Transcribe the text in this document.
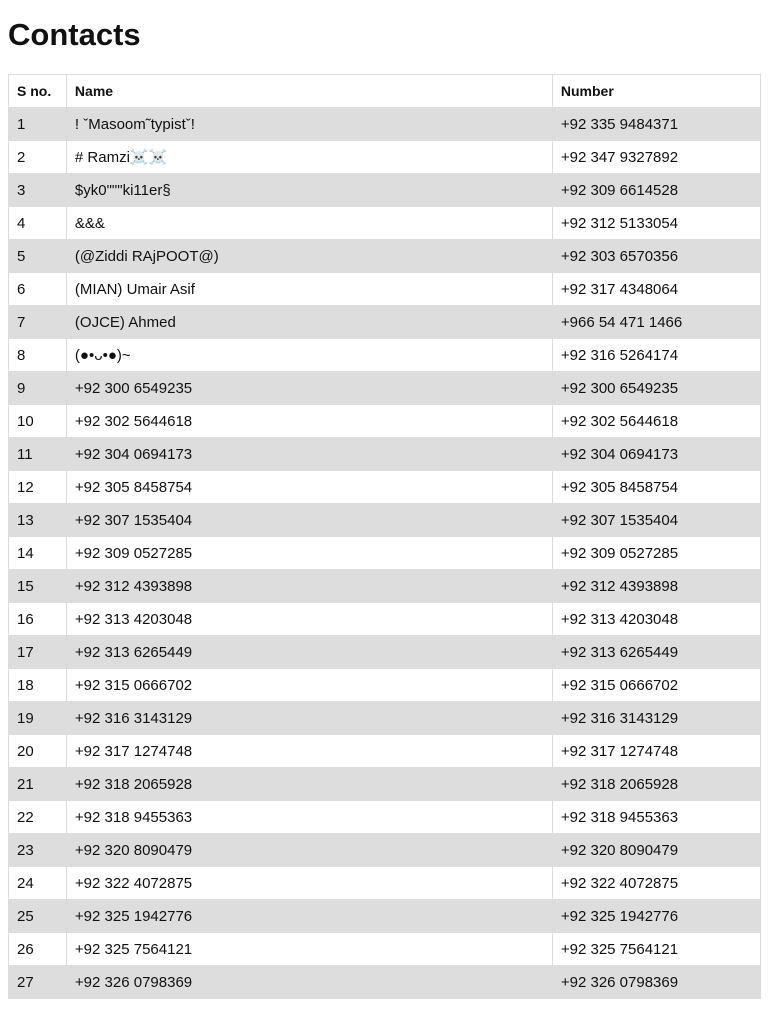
Contacts
S no.	Name	Number
1	! ˇMasoom˜typistˇ!	+92 335 9484371
2	# Ramzi☠️☠️	+92 347 9327892
3	$yk0"""ki11er§	+92 309 6614528
4	&&&	+92 312 5133054
5	(@Ziddi RAjPOOT@)	+92 303 6570356
6	(MIAN) Umair Asif	+92 317 4348064
7	(OJCE) Ahmed	+966 54 471 1466
8	(●•ᴗ•●)~	+92 316 5264174
9	+92 300 6549235	+92 300 6549235
10	+92 302 5644618	+92 302 5644618
11	+92 304 0694173	+92 304 0694173
12	+92 305 8458754	+92 305 8458754
13	+92 307 1535404	+92 307 1535404
14	+92 309 0527285	+92 309 0527285
15	+92 312 4393898	+92 312 4393898
16	+92 313 4203048	+92 313 4203048
17	+92 313 6265449	+92 313 6265449
18	+92 315 0666702	+92 315 0666702
19	+92 316 3143129	+92 316 3143129
20	+92 317 1274748	+92 317 1274748
21	+92 318 2065928	+92 318 2065928
22	+92 318 9455363	+92 318 9455363
23	+92 320 8090479	+92 320 8090479
24	+92 322 4072875	+92 322 4072875
25	+92 325 1942776	+92 325 1942776
26	+92 325 7564121	+92 325 7564121
27	+92 326 0798369	+92 326 0798369
